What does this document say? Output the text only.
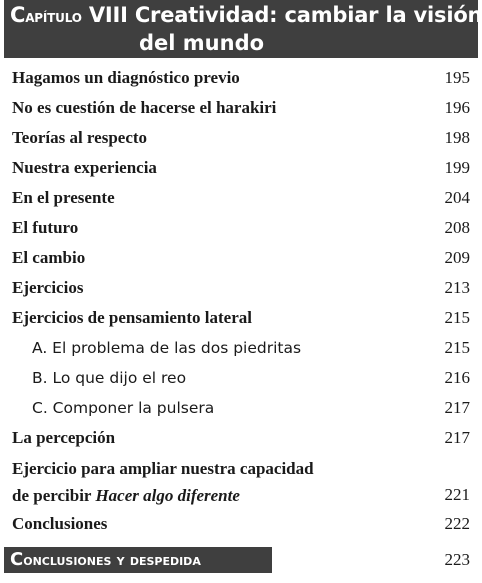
Capítulo VIII Creatividad: cambiar la visión
del mundo
Hagamos un diagnóstico previo	195
No es cuestión de hacerse el harakiri	196
Teorías al respecto	198
Nuestra experiencia	199
En el presente	204
El futuro	208
El cambio	209
Ejercicios	213
Ejercicios de pensamiento lateral	215
A. El problema de las dos piedritas	215
B. Lo que dijo el reo	216
C. Componer la pulsera	217
La percepción	217
Ejercicio para ampliar nuestra capacidad
de percibir Hacer algo diferente	221
Conclusiones	222
Conclusiones y despedida	223
